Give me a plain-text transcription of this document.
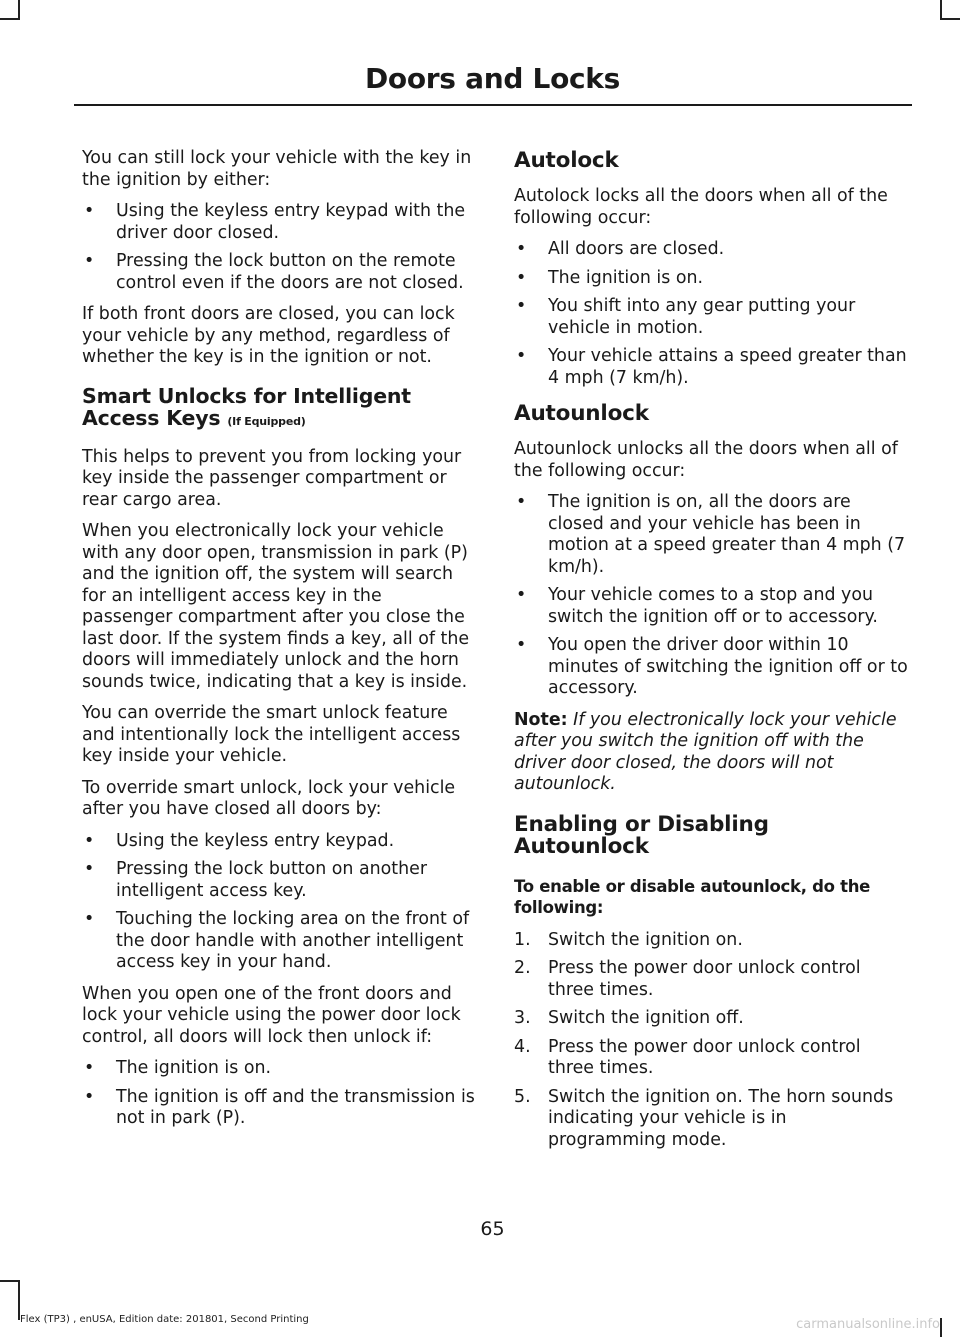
Doors and Locks

You can still lock your vehicle with the key in the ignition by either:

• Using the keyless entry keypad with the driver door closed.
• Pressing the lock button on the remote control even if the doors are not closed.

If both front doors are closed, you can lock your vehicle by any method, regardless of whether the key is in the ignition or not.

Smart Unlocks for Intelligent Access Keys (If Equipped)

This helps to prevent you from locking your key inside the passenger compartment or rear cargo area.

When you electronically lock your vehicle with any door open, transmission in park (P) and the ignition off, the system will search for an intelligent access key in the passenger compartment after you close the last door. If the system finds a key, all of the doors will immediately unlock and the horn sounds twice, indicating that a key is inside.

You can override the smart unlock feature and intentionally lock the intelligent access key inside your vehicle.

To override smart unlock, lock your vehicle after you have closed all doors by:

• Using the keyless entry keypad.
• Pressing the lock button on another intelligent access key.
• Touching the locking area on the front of the door handle with another intelligent access key in your hand.

When you open one of the front doors and lock your vehicle using the power door lock control, all doors will lock then unlock if:

• The ignition is on.
• The ignition is off and the transmission is not in park (P).
Autolock

Autolock locks all the doors when all of the following occur:

• All doors are closed.
• The ignition is on.
• You shift into any gear putting your vehicle in motion.
• Your vehicle attains a speed greater than 4 mph (7 km/h).
Autounlock

Autounlock unlocks all the doors when all of the following occur:

• The ignition is on, all the doors are closed and your vehicle has been in motion at a speed greater than 4 mph (7 km/h).
• Your vehicle comes to a stop and you switch the ignition off or to accessory.
• You open the driver door within 10 minutes of switching the ignition off or to accessory.

Note: If you electronically lock your vehicle after you switch the ignition off with the driver door closed, the doors will not autounlock.

Enabling or Disabling Autounlock
To enable or disable autounlock, do the following:
1. Switch the ignition on.
2. Press the power door unlock control three times.
3. Switch the ignition off.
4. Press the power door unlock control three times.
5. Switch the ignition on. The horn sounds indicating your vehicle is in programming mode.
65
Flex (TP3) , enUSA, Edition date: 201801, Second Printing	carmanualsonline.info
